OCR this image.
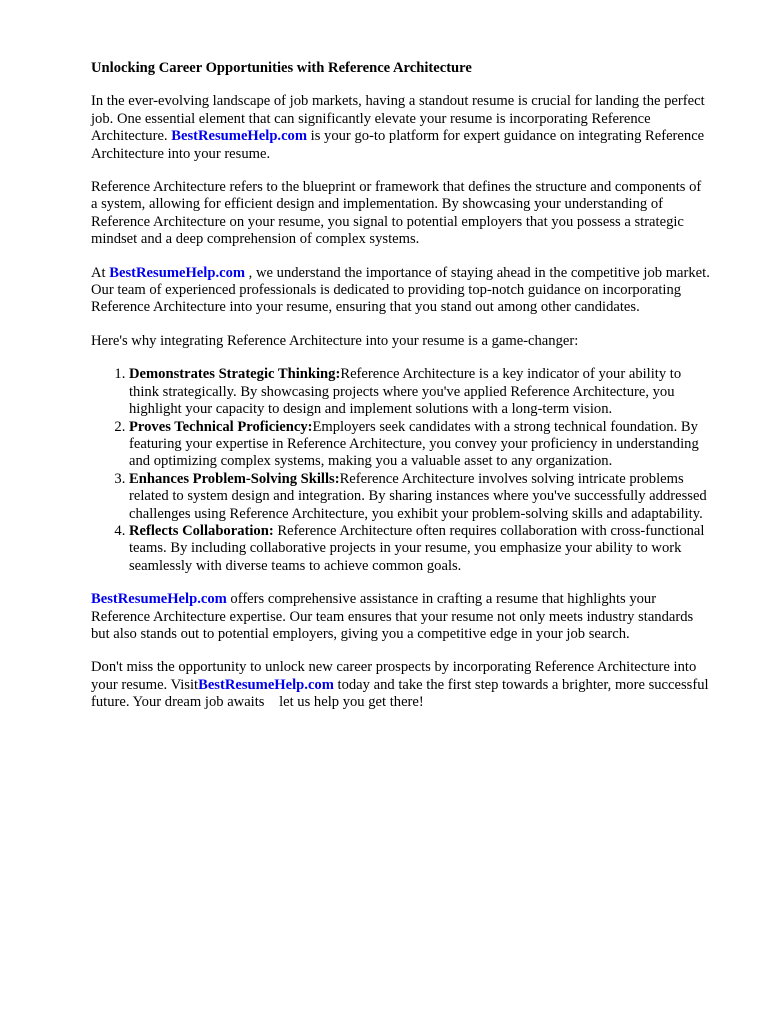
Unlocking Career Opportunities with Reference Architecture

In the ever-evolving landscape of job markets, having a standout resume is crucial for landing the perfect job. One essential element that can significantly elevate your resume is incorporating Reference Architecture. BestResumeHelp.com is your go-to platform for expert guidance on integrating Reference Architecture into your resume.

Reference Architecture refers to the blueprint or framework that defines the structure and components of a system, allowing for efficient design and implementation. By showcasing your understanding of Reference Architecture on your resume, you signal to potential employers that you possess a strategic mindset and a deep comprehension of complex systems.

At BestResumeHelp.com , we understand the importance of staying ahead in the competitive job market. Our team of experienced professionals is dedicated to providing top-notch guidance on incorporating Reference Architecture into your resume, ensuring that you stand out among other candidates.

Here's why integrating Reference Architecture into your resume is a game-changer:

1. Demonstrates Strategic Thinking:Reference Architecture is a key indicator of your ability to think strategically. By showcasing projects where you've applied Reference Architecture, you highlight your capacity to design and implement solutions with a long-term vision.
2. Proves Technical Proficiency:Employers seek candidates with a strong technical foundation. By featuring your expertise in Reference Architecture, you convey your proficiency in understanding and optimizing complex systems, making you a valuable asset to any organization.
3. Enhances Problem-Solving Skills:Reference Architecture involves solving intricate problems related to system design and integration. By sharing instances where you've successfully addressed challenges using Reference Architecture, you exhibit your problem-solving skills and adaptability.
4. Reflects Collaboration: Reference Architecture often requires collaboration with cross-functional teams. By including collaborative projects in your resume, you emphasize your ability to work seamlessly with diverse teams to achieve common goals.

BestResumeHelp.com offers comprehensive assistance in crafting a resume that highlights your Reference Architecture expertise. Our team ensures that your resume not only meets industry standards but also stands out to potential employers, giving you a competitive edge in your job search.

Don't miss the opportunity to unlock new career prospects by incorporating Reference Architecture into your resume. VisitBestResumeHelp.com today and take the first step towards a brighter, more successful future. Your dream job awaits    let us help you get there!
